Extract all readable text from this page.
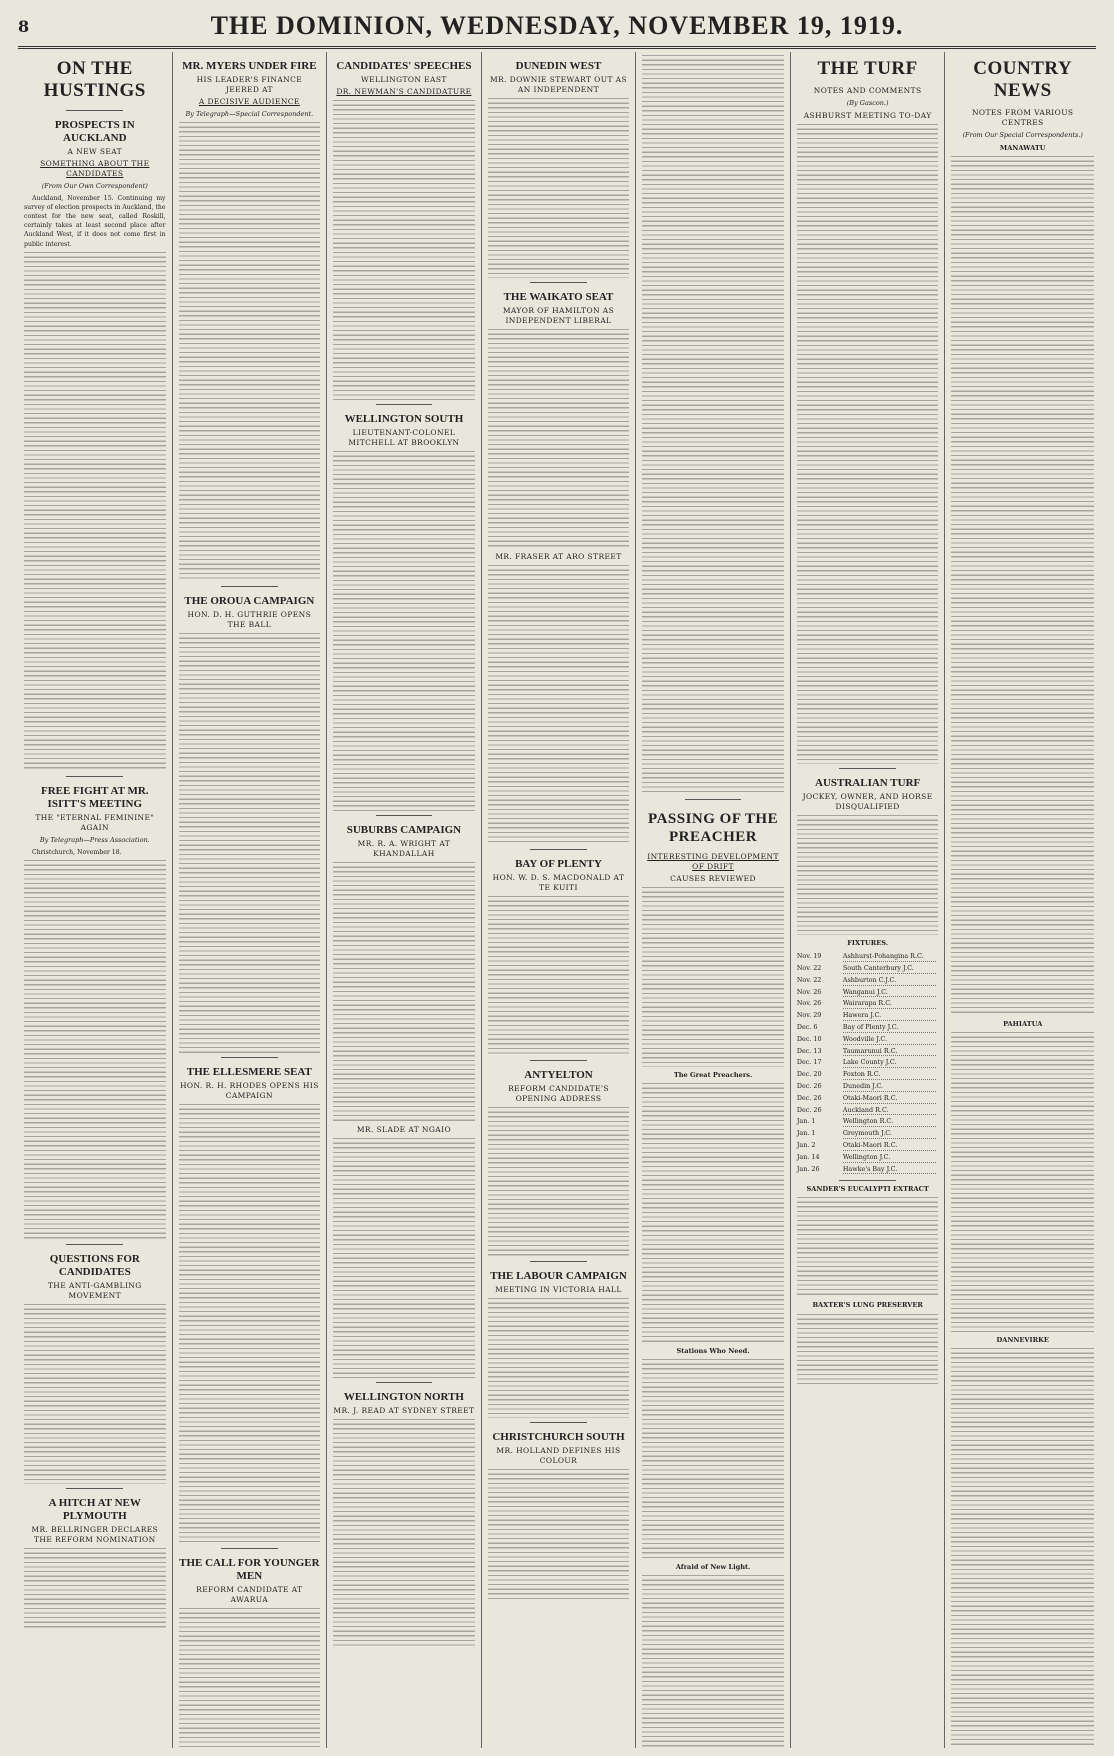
8	THE DOMINION, WEDNESDAY, NOVEMBER 19, 1919.
ON THE HUSTINGS
PROSPECTS IN AUCKLAND
A NEW SEAT
SOMETHING ABOUT THE CANDIDATES
(From Our Own Correspondent)

Auckland, November 15. Continuing my survey of election prospects in Auckland, the contest for the new seat, called Roskill, certainly takes at least second place after Auckland West, if it does not come first in public interest.

FREE FIGHT AT MR. ISITT'S MEETING
THE "ETERNAL FEMININE" AGAIN
By Telegraph—Press Association.

Christchurch, November 18.

QUESTIONS FOR CANDIDATES
THE ANTI-GAMBLING MOVEMENT
A HITCH AT NEW PLYMOUTH
MR. BELLRINGER DECLARES THE REFORM NOMINATION
MR. MYERS UNDER FIRE
HIS LEADER'S FINANCE JEERED AT
A DECISIVE AUDIENCE
By Telegraph—Special Correspondent.
THE OROUA CAMPAIGN
HON. D. H. GUTHRIE OPENS THE BALL
THE ELLESMERE SEAT
HON. R. H. RHODES OPENS HIS CAMPAIGN
THE CALL FOR YOUNGER MEN
REFORM CANDIDATE AT AWARUA
CANDIDATES' SPEECHES
WELLINGTON EAST
DR. NEWMAN'S CANDIDATURE
WELLINGTON SOUTH
LIEUTENANT-COLONEL MITCHELL AT BROOKLYN
SUBURBS CAMPAIGN
MR. R. A. WRIGHT AT KHANDALLAH
MR. SLADE AT NGAIO
WELLINGTON NORTH
MR. J. READ AT SYDNEY STREET
DUNEDIN WEST
MR. DOWNIE STEWART OUT AS AN INDEPENDENT
THE WAIKATO SEAT
MAYOR OF HAMILTON AS INDEPENDENT LIBERAL
MR. FRASER AT ARO STREET
BAY OF PLENTY
HON. W. D. S. MACDONALD AT TE KUITI
ANTYELTON
REFORM CANDIDATE'S OPENING ADDRESS
THE LABOUR CAMPAIGN
MEETING IN VICTORIA HALL
CHRISTCHURCH SOUTH
MR. HOLLAND DEFINES HIS COLOUR
PASSING OF THE PREACHER
INTERESTING DEVELOPMENT OF DRIFT
CAUSES REVIEWED
The Great Preachers.
Stations Who Need.
Afraid of New Light.
THE TURF
NOTES AND COMMENTS
(By Gascon.)
ASHBURST MEETING TO-DAY
AUSTRALIAN TURF
JOCKEY, OWNER, AND HORSE DISQUALIFIED
FIXTURES.
Nov. 19	Ashhurst-Pohangina R.C.
Nov. 22	South Canterbury J.C.
Nov. 22	Ashburton C.J.C.
Nov. 26	Wanganui J.C.
Nov. 26	Wairarapa R.C.
Nov. 29	Hawera J.C.
Dec. 6	Bay of Plenty J.C.
Dec. 10	Woodville J.C.
Dec. 13	Taumarunui R.C.
Dec. 17	Lake County J.C.
Dec. 20	Foxton R.C.
Dec. 26	Dunedin J.C.
Dec. 26	Otaki-Maori R.C.
Dec. 26	Auckland R.C.
Jan. 1	Wellington R.C.
Jan. 1	Greymouth J.C.
Jan. 2	Otaki-Maori R.C.
Jan. 14	Wellington J.C.
Jan. 26	Hawke's Bay J.C.
SANDER'S EUCALYPTI EXTRACT
BAXTER'S LUNG PRESERVER
COUNTRY NEWS
NOTES FROM VARIOUS CENTRES
(From Our Special Correspondents.)
MANAWATU
PAHIATUA
DANNEVIRKE
